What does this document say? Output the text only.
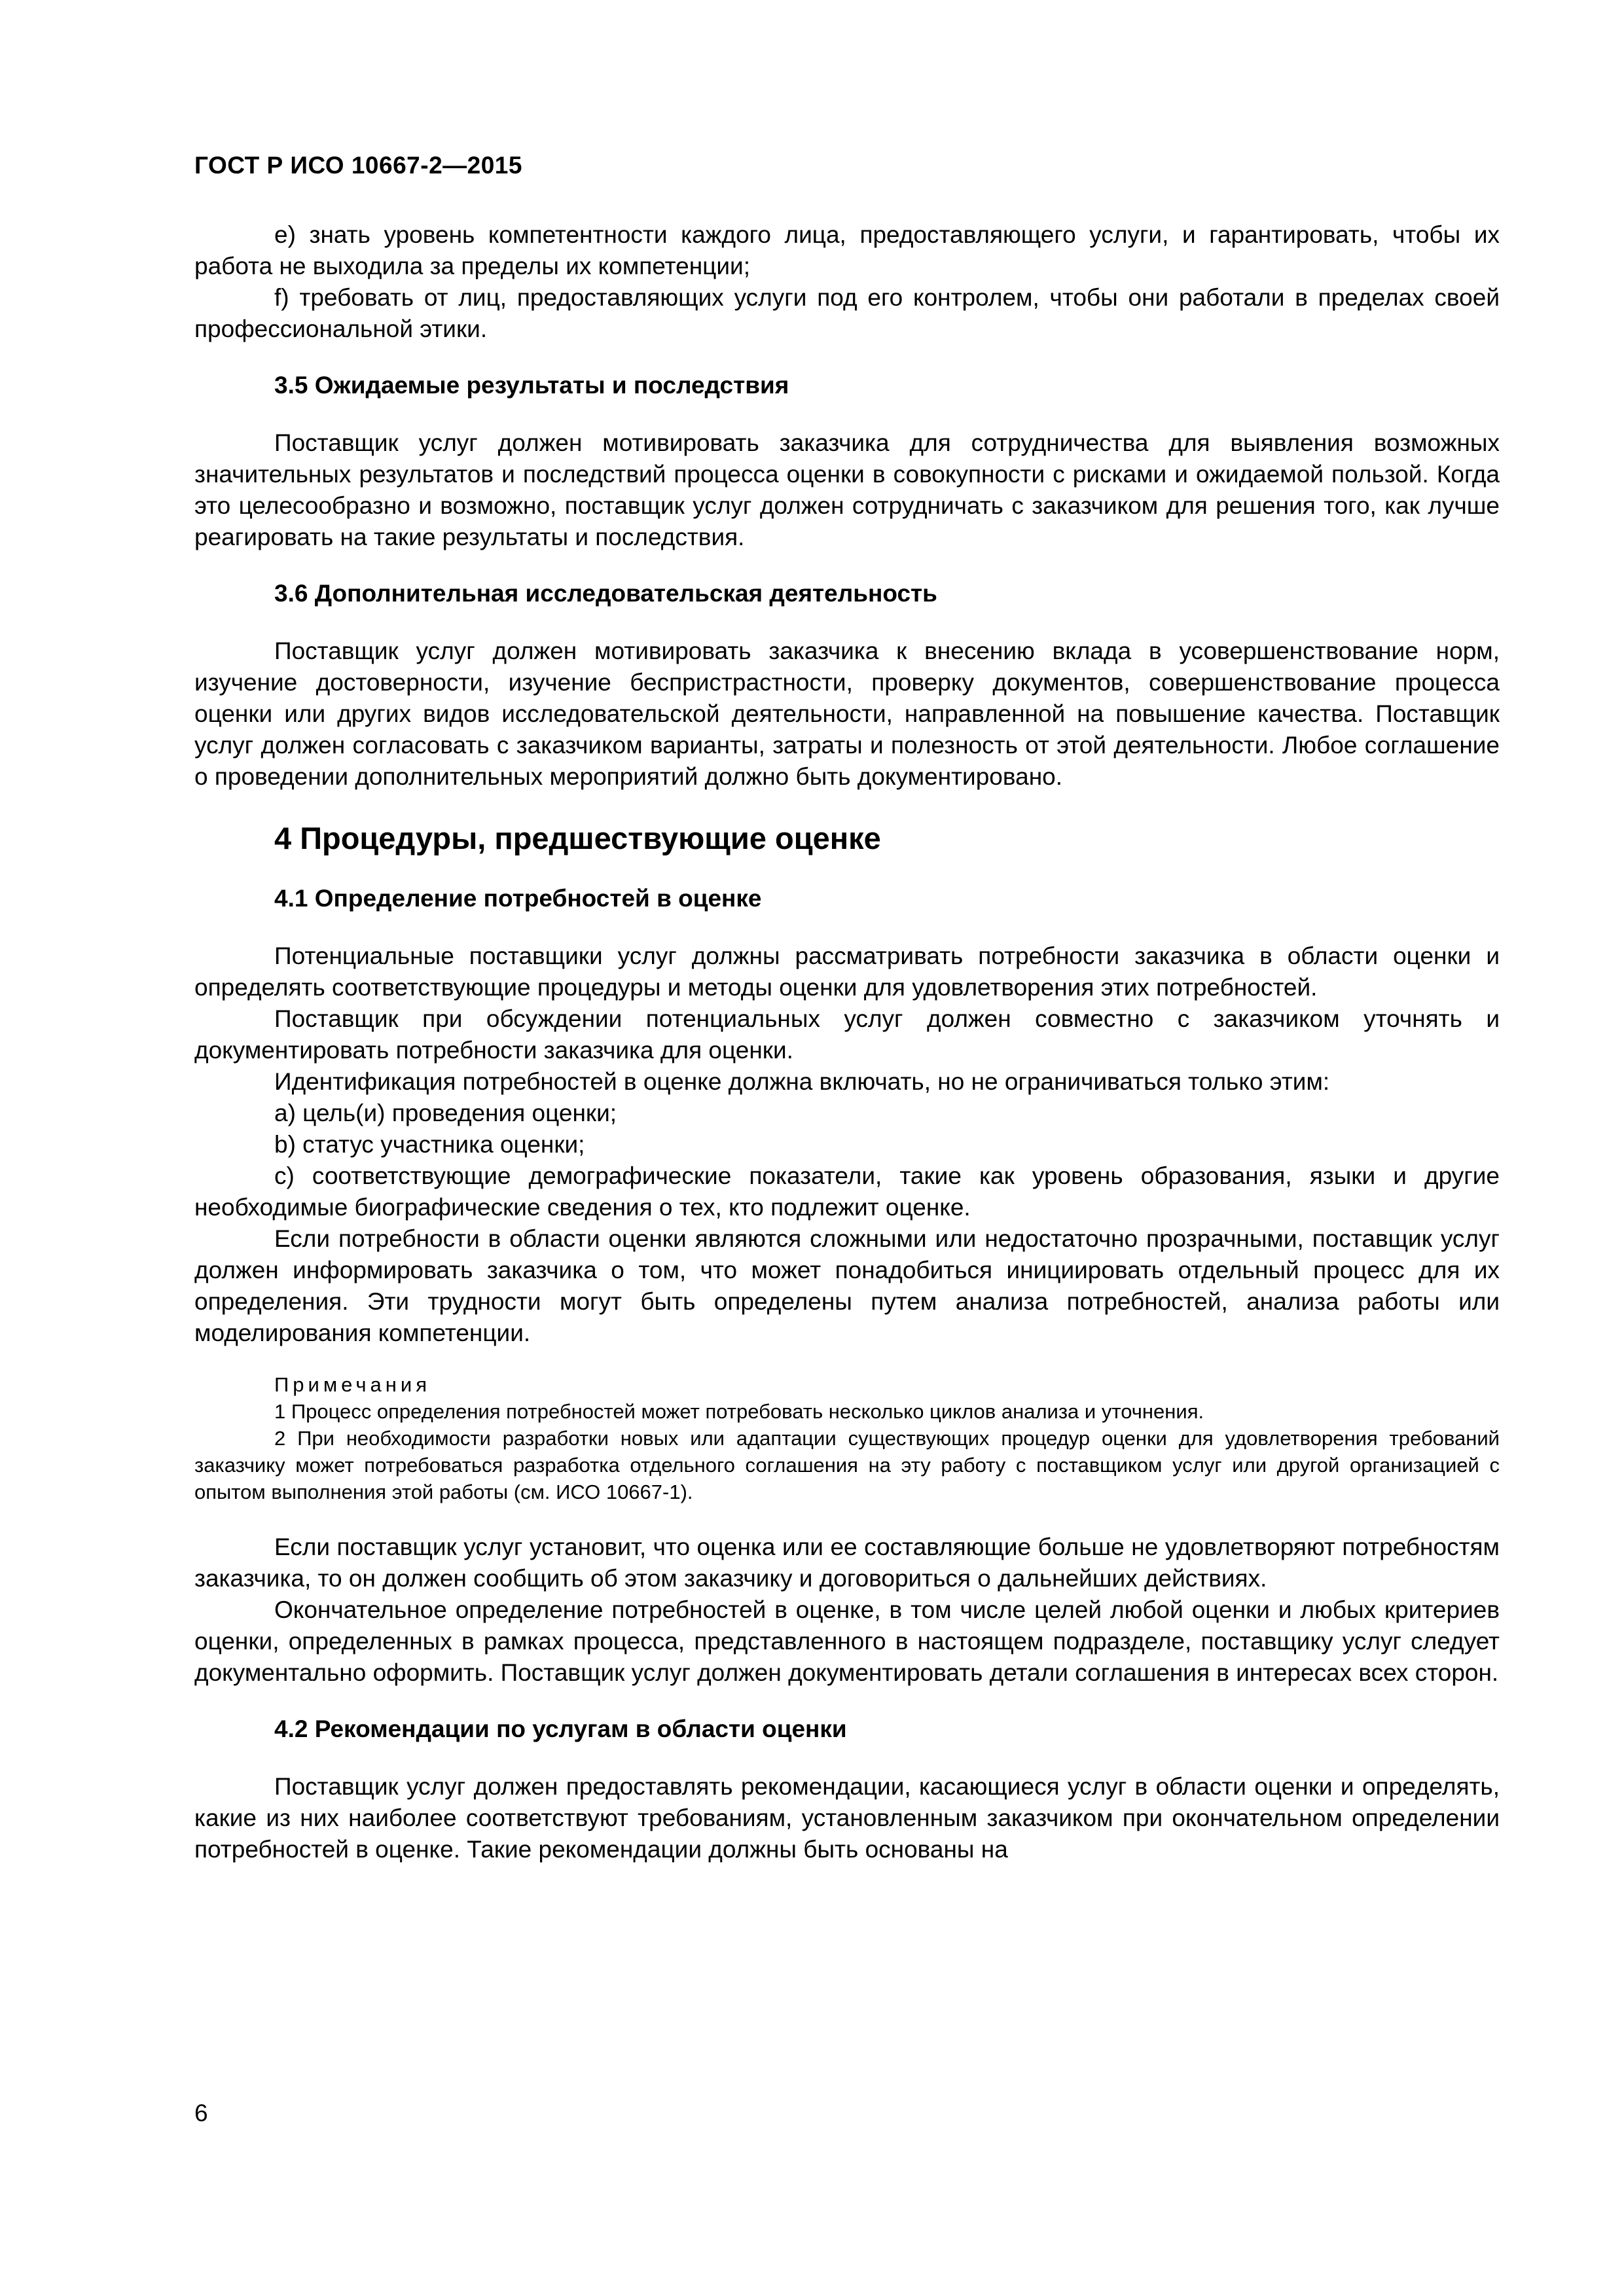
ГОСТ Р ИСО 10667-2—2015

e) знать уровень компетентности каждого лица, предоставляющего услуги, и гарантировать, чтобы их работа не выходила за пределы их компетенции;

f) требовать от лиц, предоставляющих услуги под его контролем, чтобы они работали в пределах своей профессиональной этики.

3.5 Ожидаемые результаты и последствия

Поставщик услуг должен мотивировать заказчика для сотрудничества для выявления возможных значительных результатов и последствий процесса оценки в совокупности с рисками и ожидаемой пользой. Когда это целесообразно и возможно, поставщик услуг должен сотрудничать с заказчиком для решения того, как лучше реагировать на такие результаты и последствия.

3.6 Дополнительная исследовательская деятельность

Поставщик услуг должен мотивировать заказчика к внесению вклада в усовершенствование норм, изучение достоверности, изучение беспристрастности, проверку документов, совершенствование процесса оценки или других видов исследовательской деятельности, направленной на повышение качества. Поставщик услуг должен согласовать с заказчиком варианты, затраты и полезность от этой деятельности. Любое соглашение о проведении дополнительных мероприятий должно быть документировано.

4 Процедуры, предшествующие оценке
4.1 Определение потребностей в оценке

Потенциальные поставщики услуг должны рассматривать потребности заказчика в области оценки и определять соответствующие процедуры и методы оценки для удовлетворения этих потребностей.

Поставщик при обсуждении потенциальных услуг должен совместно с заказчиком уточнять и документировать потребности заказчика для оценки.

Идентификация потребностей в оценке должна включать, но не ограничиваться только этим:

a) цель(и) проведения оценки;

b) статус участника оценки;

c) соответствующие демографические показатели, такие как уровень образования, языки и другие необходимые биографические сведения о тех, кто подлежит оценке.

Если потребности в области оценки являются сложными или недостаточно прозрачными, поставщик услуг должен информировать заказчика о том, что может понадобиться инициировать отдельный процесс для их определения. Эти трудности могут быть определены путем анализа потребностей, анализа работы или моделирования компетенции.

Примечания

1 Процесс определения потребностей может потребовать несколько циклов анализа и уточнения.

2 При необходимости разработки новых или адаптации существующих процедур оценки для удовлетворения требований заказчику может потребоваться разработка отдельного соглашения на эту работу с поставщиком услуг или другой организацией с опытом выполнения этой работы (см. ИСО 10667-1).

Если поставщик услуг установит, что оценка или ее составляющие больше не удовлетворяют потребностям заказчика, то он должен сообщить об этом заказчику и договориться о дальнейших действиях.

Окончательное определение потребностей в оценке, в том числе целей любой оценки и любых критериев оценки, определенных в рамках процесса, представленного в настоящем подразделе, поставщику услуг следует документально оформить. Поставщик услуг должен документировать детали соглашения в интересах всех сторон.

4.2 Рекомендации по услугам в области оценки

Поставщик услуг должен предоставлять рекомендации, касающиеся услуг в области оценки и определять, какие из них наиболее соответствуют требованиям, установленным заказчиком при окончательном определении потребностей в оценке. Такие рекомендации должны быть основаны на

6
